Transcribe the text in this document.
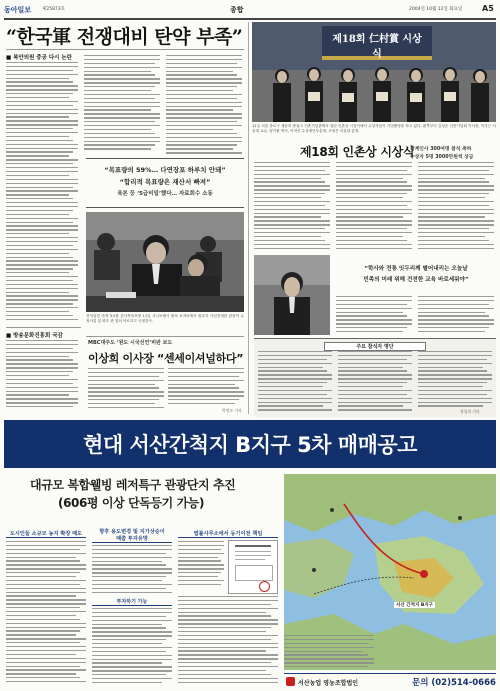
동아일보 제25873호	종합	2004년 10월 12일 화요일 A5
“한국軍 전쟁대비 탄약 부족”
■ 복안의원 중공 다시 논란
“목표량의 59%… 다연장포 하루치 안돼”
“합리적 목표량은 재산서 빠져”
육본 등 ‘5급비밀’했다… 자료회수 소동
전자앙경 만개 3.5를 감사목표포장 11일 서니보냄사 환보 보자리에서 원호기 사업진재를 관장이 수정사업 및 화호 중 열치 아르히고 국정감사.
■ 방송문화진흥회 국감
MBC대주도 ‘원도 시국선언’비판 보도
이상희 이사장 “센세이셔널하다”
박정모 기자
제18회 仁村賞 시상식
11일 서울 종로구 계동의 중앙고 인촌기념관에서 열린 인촌상 시상식에서 수상자들이 기념촬영을 하고 있다. 왼쪽부터 김성순 인촌기념회 이사장, 이우근 서울대 교수, 양기환 박사, 이미선 수상재단부총재, 조영은 서울대 총장.
제18회 인촌상 시상식
각계인사 300여명 참석 축하
수상자 5명 3000만원씩 상금
“학사와 전통 잇두리께 펼어내리는 오늘날
민족의 미래 위해 건전한 교육 바로세워야”
주요 참석자 명단
정성희 기자
현대 서산간척지 B지구 5차 매매공고
대규모 복합웰빙 레저특구 관광단지 추진
(606평 이상 단독등기 가능)
도시인들 소규모 농지 확장 때도	향후 용도변경 및 지가상승이
때쯤 투자유망
투자하기 가능
법률사무소에서 등기이전 책임
서산 간척지 B지구
서산농업 영농조합법인	문의 (02)514-0666
